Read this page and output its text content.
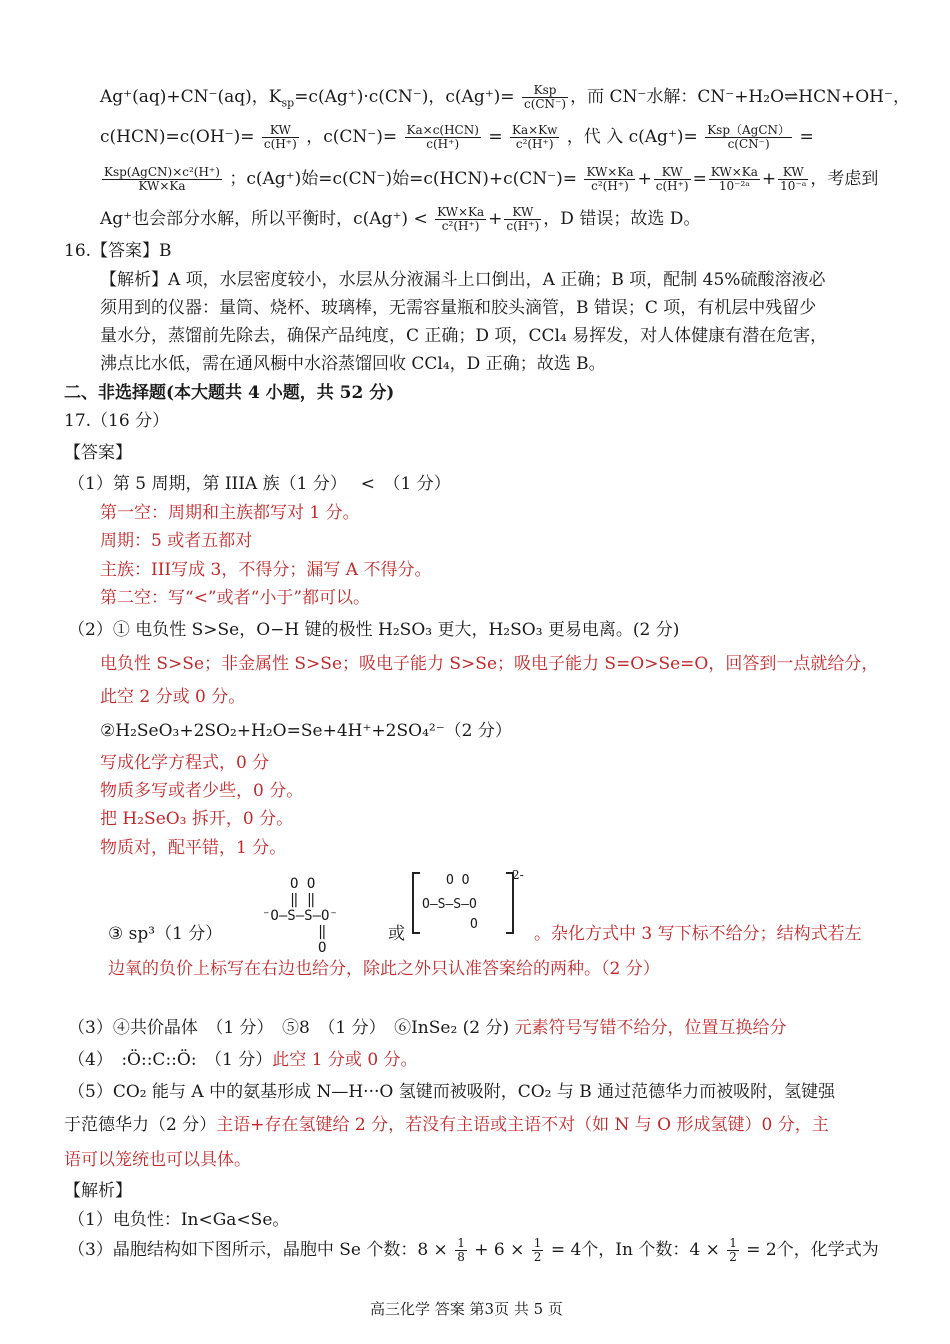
Ag⁺(aq)+CN⁻(aq)，$K_{sp}=c(Ag^+)\cdot c(CN^-)$，$c(Ag^+)= \frac{\text{Ksp}}{c(CN^-)}$ ，而 CN⁻水解：CN⁻+H₂O⇌HCN+OH⁻，
$c(HCN)=c(OH^-)= \frac{KW}{c(H^+)}$ ，$c(CN^-)= \frac{\text{Ka×c(HCN)}}{c(H^+)} = \frac{Ka\times Kw}{\text{c²(H⁺)}}$ ，代 入 $c(Ag^+)= \frac{\text{Ksp（AgCN）}}{c(CN^-)}$ =
$\frac{\text{Ksp(AgCN)×c²(H⁺)}}{KW\times Ka}$ ；c(Ag⁺)始=c(CN⁻)始$=c(HCN)+c(CN^-)= \frac{KW\times Ka}{\text{c²(H⁺)}} + \frac{KW}{c(H^+)} = \frac{KW\times Ka}{\text{10⁻²ᵃ}} + \frac{KW}{\text{10⁻ᵃ}}$ ，考虑到
Ag⁺也会部分水解，所以平衡时，$c(Ag^+) < \frac{KW\times Ka}{\text{c²(H⁺)}} + \frac{KW}{c(H^+)}$ ，D 错误；故选 D。
16.【答案】B
【解析】A 项，水层密度较小，水层从分液漏斗上口倒出，A 正确；B 项，配制 45%硫酸溶液必
须用到的仪器：量筒、烧杯、玻璃棒，无需容量瓶和胶头滴管，B 错误；C 项，有机层中残留少
量水分，蒸馏前先除去，确保产品纯度，C 正确；D 项，CCl₄ 易挥发，对人体健康有潜在危害，
沸点比水低，需在通风橱中水浴蒸馏回收 CCl₄，D 正确；故选 B。
二、非选择题(本大题共 4 小题，共 52 分)
17.（16 分）
【答案】
（1）第 5 周期，第 IIIA 族（1 分）　 <　（1 分）
第一空：周期和主族都写对 1 分。
周期：5 或者五都对
主族：III写成 3，不得分；漏写 A 不得分。
第二空：写“<”或者“小于”都可以。
（2）① 电负性 S>Se，O−H 键的极性 H₂SO₃ 更大，H₂SO₃ 更易电离。(2 分)
电负性 S>Se；非金属性 S>Se；吸电子能力 S>Se；吸电子能力 S=O>Se=O，回答到一点就给分，
此空 2 分或 0 分。
②H₂SeO₃+2SO₂+H₂O=Se+4H⁺+2SO₄²⁻（2 分）
写成化学方程式，0 分
物质多写或者少些，0 分。
把 H₂SeO₃ 拆开，0 分。
物质对，配平错，1 分。
O O
‖ ‖
⁻O–S–S–O⁻
‖
O
③ sp³（1 分）	或
O O
O–S–S–O
O
2-
。杂化方式中 3 写下标不给分；结构式若左
边氧的负价上标写在右边也给分，除此之外只认准答案给的两种。（2 分）
（3）④共价晶体　（1 分）　⑤8　（1 分）　⑥InSe₂ (2 分) 元素符号写错不给分，位置互换给分
（4）　:Ö::C::Ö:　（1 分）此空 1 分或 0 分。
（5）CO₂ 能与 A 中的氨基形成 N—H···O 氢键而被吸附，CO₂ 与 B 通过范德华力而被吸附，氢键强
于范德华力（2 分）主语+存在氢键给 2 分，若没有主语或主语不对（如 N 与 O 形成氢键）0 分，主
语可以笼统也可以具体。
【解析】
（1）电负性：In<Ga<Se。
（3）晶胞结构如下图所示，晶胞中 Se 个数：$8 \times \frac{1}{8} + 6 \times \frac{1}{2} = 4$个，In 个数：$4 \times \frac{1}{2} = 2$个，化学式为
高三化学 答案 第3页 共 5 页
